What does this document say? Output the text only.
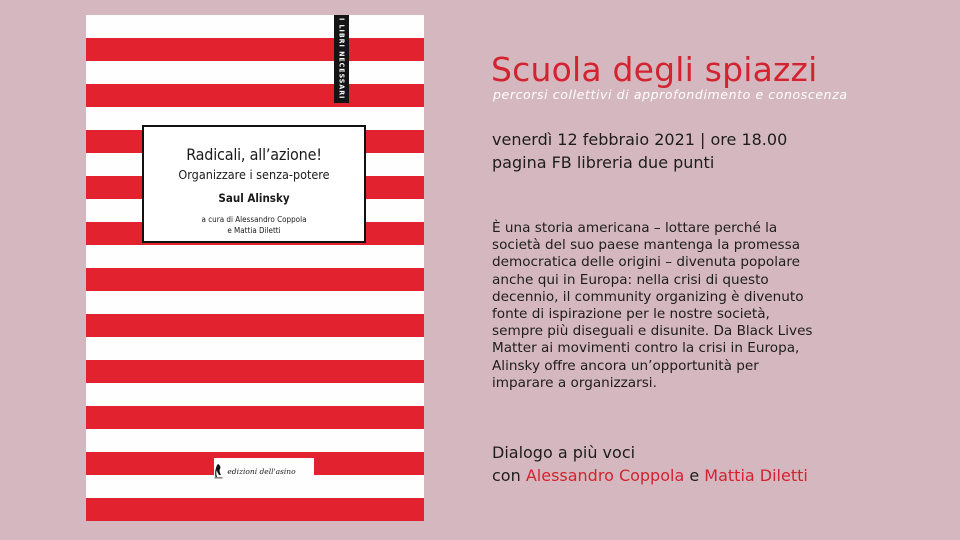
I LIBRI NECESSARI
Radicali, all’azione!
Organizzare i senza-potere
Saul Alinsky
a cura di Alessandro Coppola
e Mattia Diletti
edizioni dell'asino
Scuola degli spiazzi
percorsi collettivi di approfondimento e conoscenza
venerdì 12 febbraio 2021 | ore 18.00
pagina FB libreria due punti
È una storia americana – lottare perché la
società del suo paese mantenga la promessa
democratica delle origini – divenuta popolare
anche qui in Europa: nella crisi di questo
decennio, il community organizing è divenuto
fonte di ispirazione per le nostre società,
sempre più diseguali e disunite. Da Black Lives
Matter ai movimenti contro la crisi in Europa,
Alinsky offre ancora un’opportunità per
imparare a organizzarsi.
Dialogo a più voci
con Alessandro Coppola e Mattia Diletti
